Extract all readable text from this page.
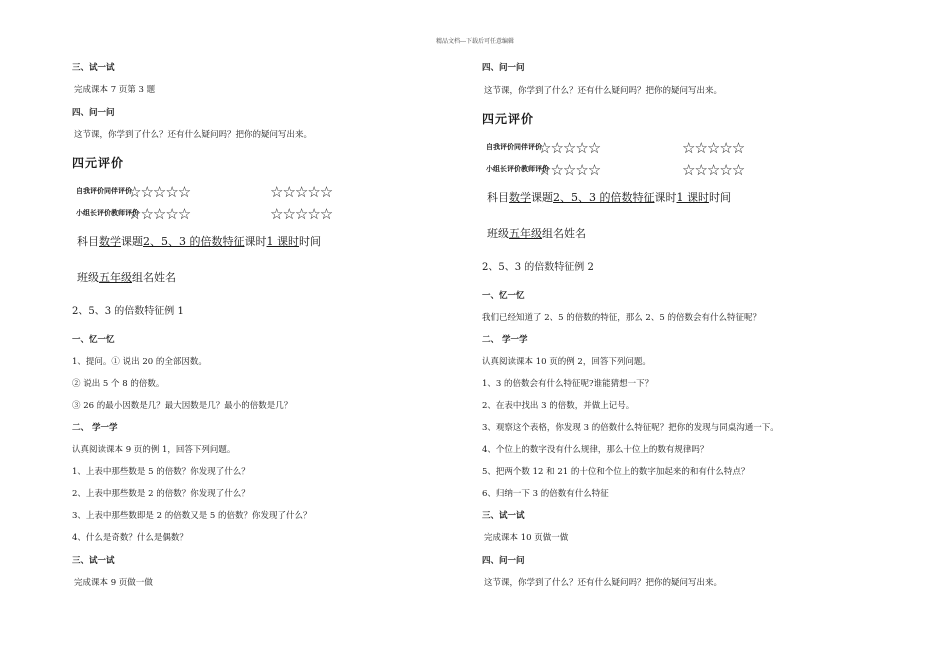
精品文档---下载后可任意编辑
三、试一试
完成课本 7 页第 3 题
四、问一问
这节课，你学到了什么？还有什么疑问吗？把你的疑问写出来。
四元评价
自我评价同伴评价
☆☆☆☆☆	☆☆☆☆☆
小组长评价教师评价
☆☆☆☆☆	☆☆☆☆☆
科目数学课题2、5、3 的倍数特征课时1 课时时间
班级五年级组名姓名
2、5、3 的倍数特征例 1
一、忆一忆
1、提问。① 说出 20 的全部因数。
② 说出 5 个 8 的倍数。
③ 26 的最小因数是几？最大因数是几？最小的倍数是几？
二、 学一学
认真阅读课本 9 页的例 1，回答下列问题。
1、上表中那些数是 5 的倍数？你发现了什么？
2、上表中那些数是 2 的倍数？你发现了什么？
3、上表中那些数即是 2 的倍数又是 5 的倍数？你发现了什么？
4、什么是奇数？什么是偶数？
三、试一试
完成课本 9 页做一做
四、问一问
这节课，你学到了什么？还有什么疑问吗？把你的疑问写出来。
四元评价
自我评价同伴评价
☆☆☆☆☆	☆☆☆☆☆
小组长评价教师评价
☆☆☆☆☆	☆☆☆☆☆
科目数学课题2、5、3 的倍数特征课时1 课时时间
班级五年级组名姓名
2、5、3 的倍数特征例 2
一、忆一忆
我们已经知道了 2、5 的倍数的特征，那么 2、5 的倍数会有什么特征呢？
二、 学一学
认真阅读课本 10 页的例 2，回答下列问题。
1、3 的倍数会有什么特征呢?谁能猜想一下？
2、在表中找出 3 的倍数，并做上记号。
3、观察这个表格，你发现 3 的倍数什么特征呢？把你的发现与同桌沟通一下。
4、个位上的数字没有什么规律，那么十位上的数有规律吗？
5、把两个数 12 和 21 的十位和个位上的数字加起来的和有什么特点？
6、归纳一下 3 的倍数有什么特征
三、试一试
完成课本 10 页做一做
四、问一问
这节课，你学到了什么？还有什么疑问吗？把你的疑问写出来。
